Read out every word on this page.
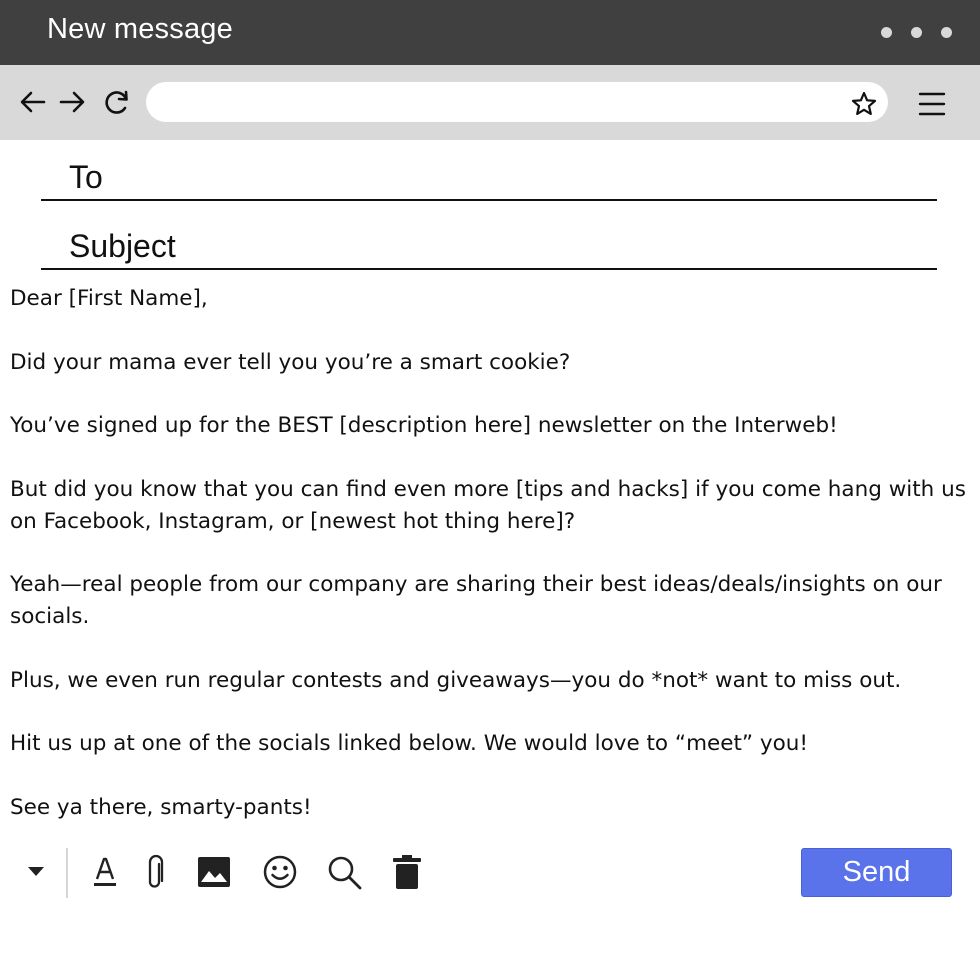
New message
To
Subject

Dear [First Name],

Did your mama ever tell you you’re a smart cookie?

You’ve signed up for the BEST [description here] newsletter on the Interweb!

But did you know that you can find even more [tips and hacks] if you come hang with us on Facebook, Instagram, or [newest hot thing here]?

Yeah—real people from our company are sharing their best ideas/deals/insights on our socials.

Plus, we even run regular contests and giveaways—you do *not* want to miss out.

Hit us up at one of the socials linked below. We would love to “meet” you!

See ya there, smarty-pants!

Send
